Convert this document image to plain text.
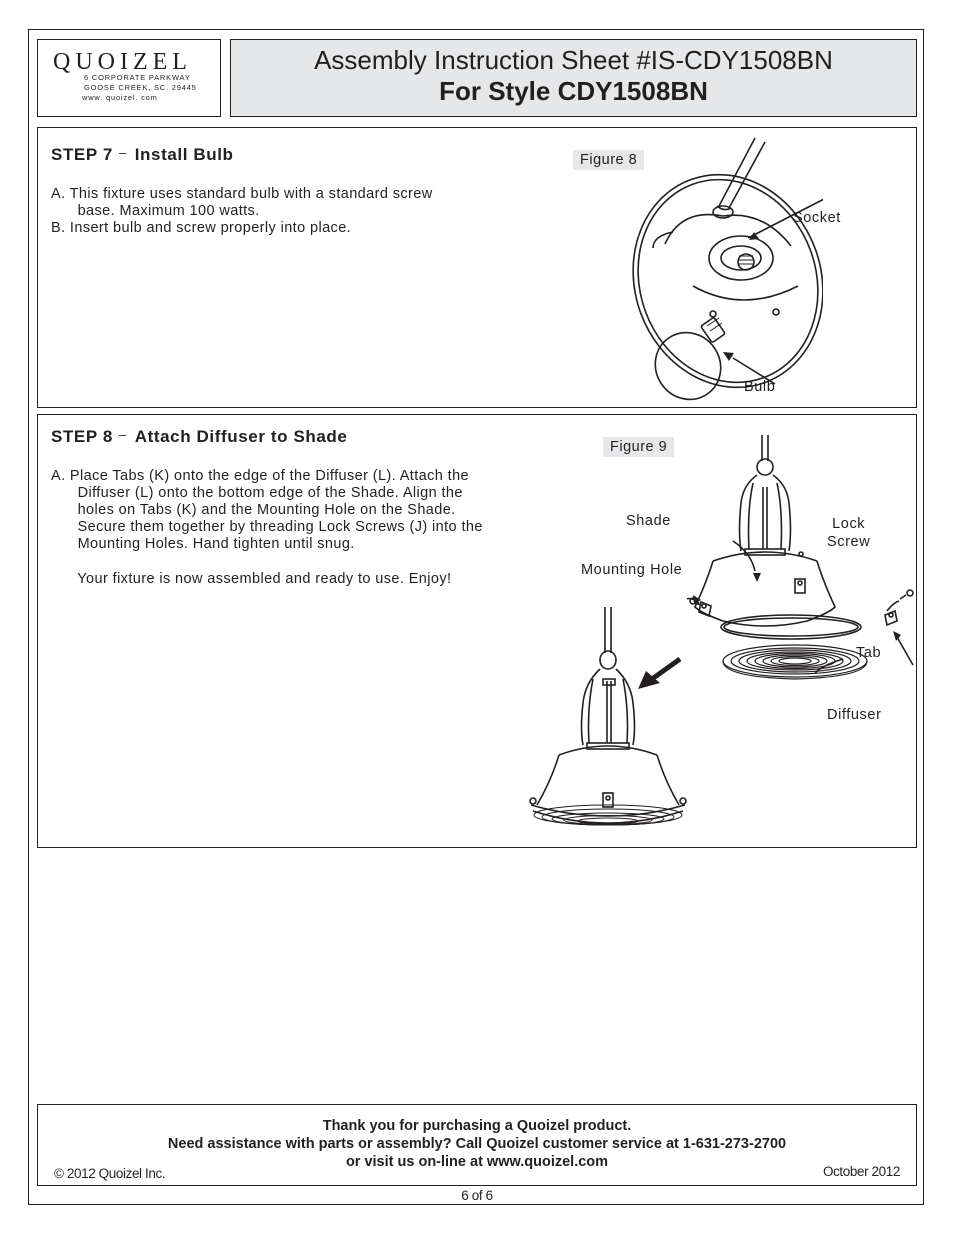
QUOIZEL
6 CORPORATE PARKWAY
GOOSE CREEK, SC. 29445
www. quoizel. com
Assembly Instruction Sheet #IS-CDY1508BN
For Style CDY1508BN
STEP 7 – Install Bulb
A. This fixture uses standard bulb with a standard screw
base. Maximum 100 watts.
B. Insert bulb and screw properly into place.
Figure 8
Socket
Bulb
STEP 8 – Attach Diffuser to Shade
A. Place Tabs (K) onto the edge of the Diffuser (L). Attach the
Diffuser (L) onto the bottom edge of the Shade. Align the
holes on Tabs (K) and the Mounting Hole on the Shade.
Secure them together by threading Lock Screws (J) into the
Mounting Holes. Hand tighten until snug.
Your fixture is now assembled and ready to use. Enjoy!
Figure 9
Shade	Lock
Screw
Mounting Hole
Tab
Diffuser
Thank you for purchasing a Quoizel product.
Need assistance with parts or assembly? Call Quoizel customer service at 1-631-273-2700
or visit us on-line at www.quoizel.com
© 2012 Quoizel Inc.	October 2012
6 of 6
